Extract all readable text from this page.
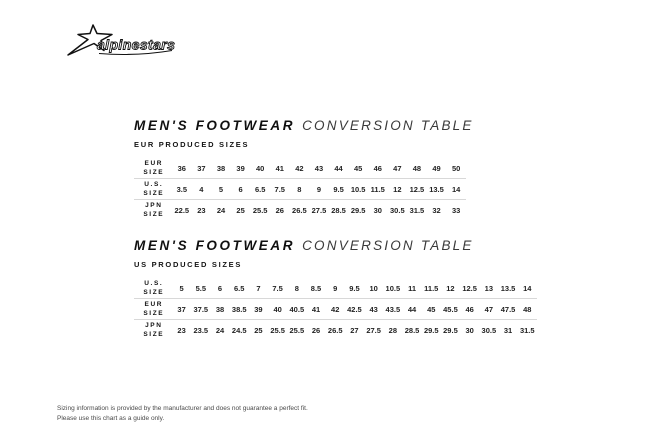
alpinestars
MEN'S FOOTWEAR CONVERSION TABLE
EUR PRODUCED SIZES
EUR
SIZE	36	37	38	39	40	41	42	43	44	45	46	47	48	49	50
U.S.
SIZE	3.5	4	5	6	6.5	7.5	8	9	9.5 10.5 11.5	12	12.5 13.5	14
JPN
SIZE	22.5	23	24	25	25.5	26	26.5 27.5 28.5 29.5	30	30.5 31.5	32	33
MEN'S FOOTWEAR CONVERSION TABLE
US PRODUCED SIZES
U.S.
SIZE	5	5.5	6	6.5	7	7.5	8	8.5	9	9.5	10	10.5	11	11.5	12	12.5	13	13.5	14
EUR
SIZE	37	37.5	38	38.5	39	40	40.5	41	42	42.5	43	43.5	44	45	45.5	46	47	47.5	48
JPN
SIZE	23	23.5	24	24.5	25	25.5 25.5	26	26.5	27	27.5	28	28.5 29.5 29.5	30	30.5	31	31.5
Sizing information is provided by the manufacturer and does not guarantee a perfect fit.
Please use this chart as a guide only.
